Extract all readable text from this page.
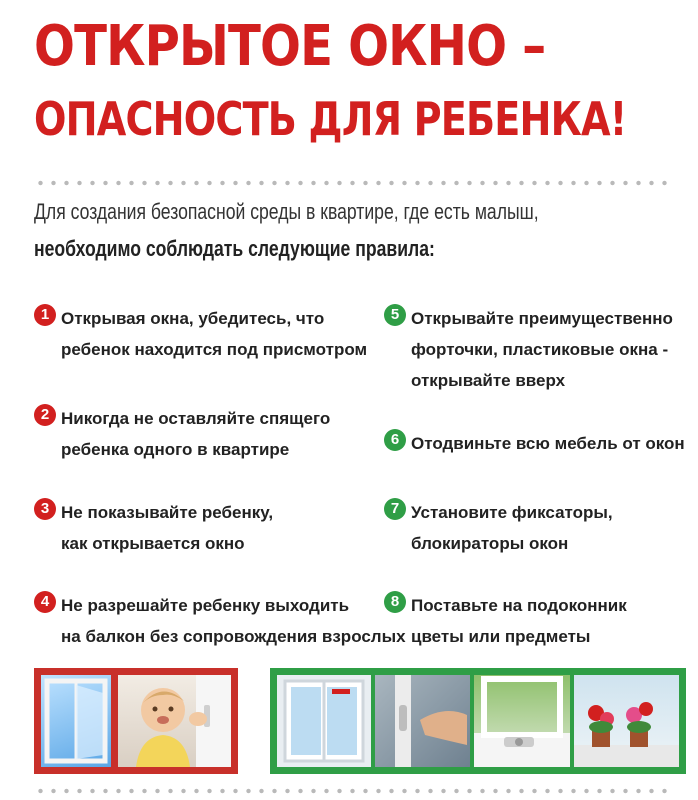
ОТКРЫТОЕ ОКНО –
ОПАСНОСТЬ ДЛЯ РЕБЕНКА!
Для создания безопасной среды в квартире, где есть малыш,
необходимо соблюдать следующие правила:
1 Открывая окна, убедитесь, что
ребенок находится под присмотром
2 Никогда не оставляйте спящего
ребенка одного в квартире
3 Не показывайте ребенку,
как открывается окно
4 Не разрешайте ребенку выходить
на балкон без сопровождения взрослых
5 Открывайте преимущественно
форточки, пластиковые окна -
открывайте вверх
6 Отодвиньте всю мебель от окон
7 Установите фиксаторы,
блокираторы окон
8 Поставьте на подоконник
цветы или предметы
